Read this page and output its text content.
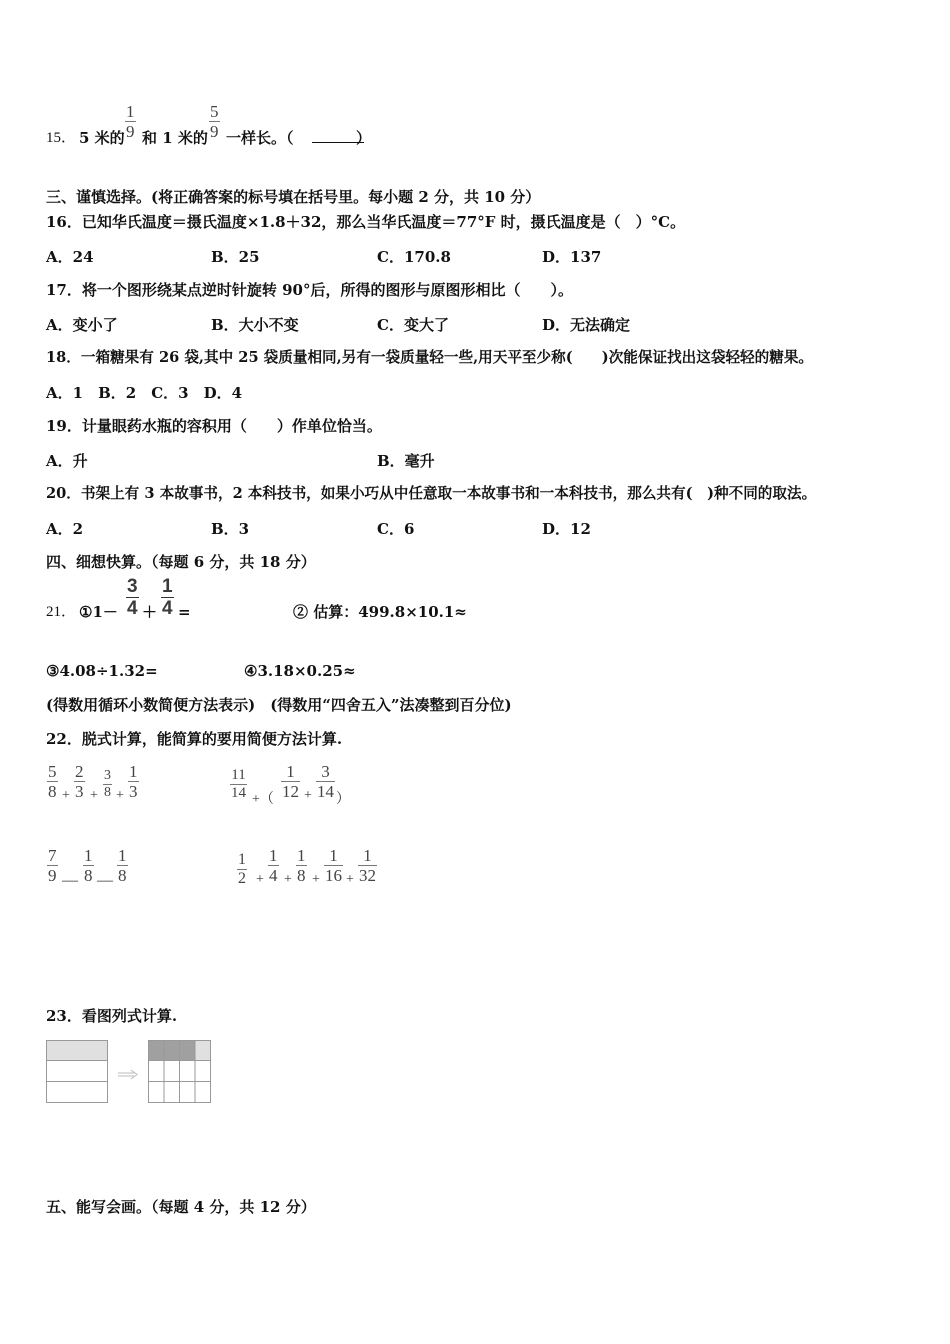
15． 5 米的
1
9 和 1 米的
5
9 一样长。（	）
三、谨慎选择。(将正确答案的标号填在括号里。每小题 2 分，共 10 分）
16．已知华氏温度＝摄氏温度×1.8＋32，那么当华氏温度＝77°F 时，摄氏温度是（　）°C。
A．24	B．25	C．170.8	D．137
17．将一个图形绕某点逆时针旋转 90°后，所得的图形与原图形相比（　　）。
A．变小了	B．大小不变	C．变大了	D．无法确定
18．一箱糖果有 26 袋,其中 25 袋质量相同,另有一袋质量轻一些,用天平至少称(　　)次能保证找出这袋轻轻的糖果。
A．1　B．2　C．3　D．4
19．计量眼药水瓶的容积用（　　）作单位恰当。
A．升	B．毫升
20．书架上有 3 本故事书，2 本科技书，如果小巧从中任意取一本故事书和一本科技书，那么共有(　)种不同的取法。
A．2	B．3	C．6	D．12
四、细想快算。（每题 6 分，共 18 分）
21． ①1－
3
4 ＋
1
4 =	② 估算：499.8×10.1≈
③4.08÷1.32=	④3.18×0.25≈
(得数用循环小数简便方法表示)　(得数用“四舍五入”法凑整到百分位)
22．脱式计算，能简算的要用简便方法计算.
5
8 +
2
3 +
3
8 +
1
3
11
14 +（
1
12 +
3
14 ）
7
9 —
1
8 —
1
8
1
2 +
1
4 +
1
8 +
1
16 +
1
32
23．看图列式计算.
五、能写会画。（每题 4 分，共 12 分）
